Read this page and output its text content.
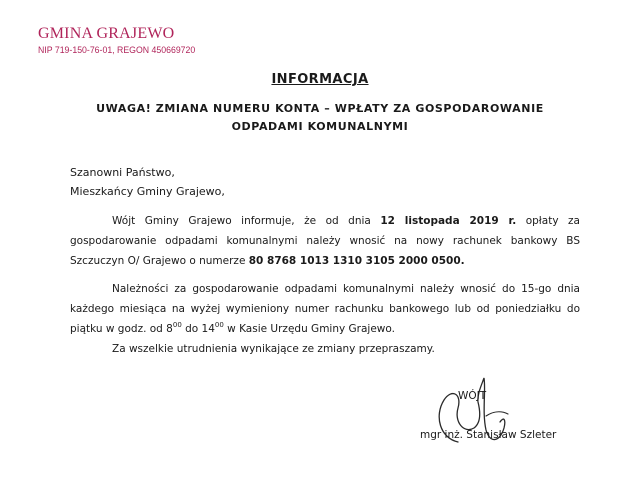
GMINA GRAJEWO
NIP 719-150-76-01, REGON 450669720
INFORMACJA
UWAGA! ZMIANA NUMERU KONTA – WPŁATY ZA GOSPODAROWANIE
ODPADAMI KOMUNALNYMI
Szanowni Państwo,
Mieszkańcy Gminy Grajewo,
Wójt Gminy Grajewo informuje, że od dnia 12 listopada 2019 r. opłaty za gospodarowanie odpadami komunalnymi należy wnosić na nowy rachunek bankowy BS Szczuczyn O/ Grajewo o numerze 80 8768 1013 1310 3105 2000 0500.
Należności za gospodarowanie odpadami komunalnymi należy wnosić do 15-go dnia każdego miesiąca na wyżej wymieniony numer rachunku bankowego lub od poniedziałku do piątku w godz. od $8^{00}$ do $14^{00}$ w Kasie Urzędu Gminy Grajewo.
Za wszelkie utrudnienia wynikające ze zmiany przepraszamy.
WÓJT
mgr inż. Stanisław Szleter
